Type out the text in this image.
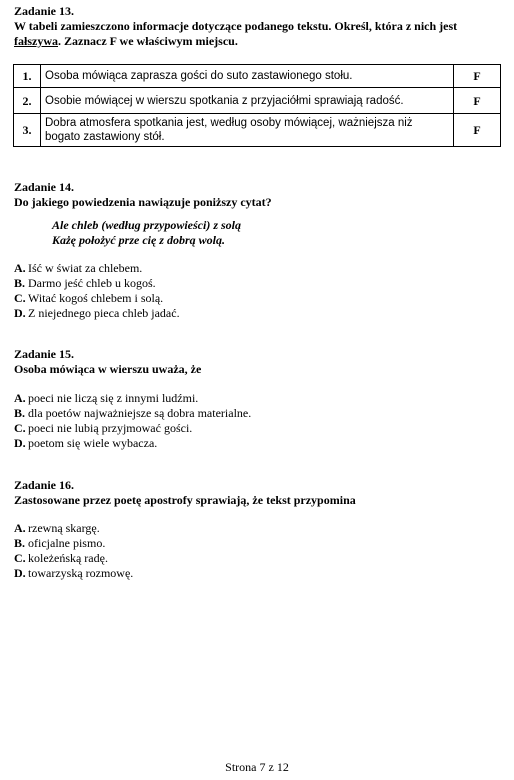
Zadanie 13.
W tabeli zamieszczono informacje dotyczące podanego tekstu. Określ, która z nich jest
fałszywa. Zaznacz F we właściwym miejscu.
1.	Osoba mówiąca zaprasza gości do suto zastawionego stołu.	F
2.	Osobie mówiącej w wierszu spotkania z przyjaciółmi sprawiają radość.	F
3.	Dobra atmosfera spotkania jest, według osoby mówiącej, ważniejsza niż bogato zastawiony stół.	F
Zadanie 14.
Do jakiego powiedzenia nawiązuje poniższy cytat?
Ale chleb (według przypowieści) z solą
Każę położyć prze cię z dobrą wolą.

A. Iść w świat za chlebem.

B. Darmo jeść chleb u kogoś.

C. Witać kogoś chlebem i solą.

D. Z niejednego pieca chleb jadać.

Zadanie 15.
Osoba mówiąca w wierszu uważa, że

A. poeci nie liczą się z innymi ludźmi.

B. dla poetów najważniejsze są dobra materialne.

C. poeci nie lubią przyjmować gości.

D. poetom się wiele wybacza.

Zadanie 16.
Zastosowane przez poetę apostrofy sprawiają, że tekst przypomina

A. rzewną skargę.

B. oficjalne pismo.

C. koleżeńską radę.

D. towarzyską rozmowę.

Strona 7 z 12
